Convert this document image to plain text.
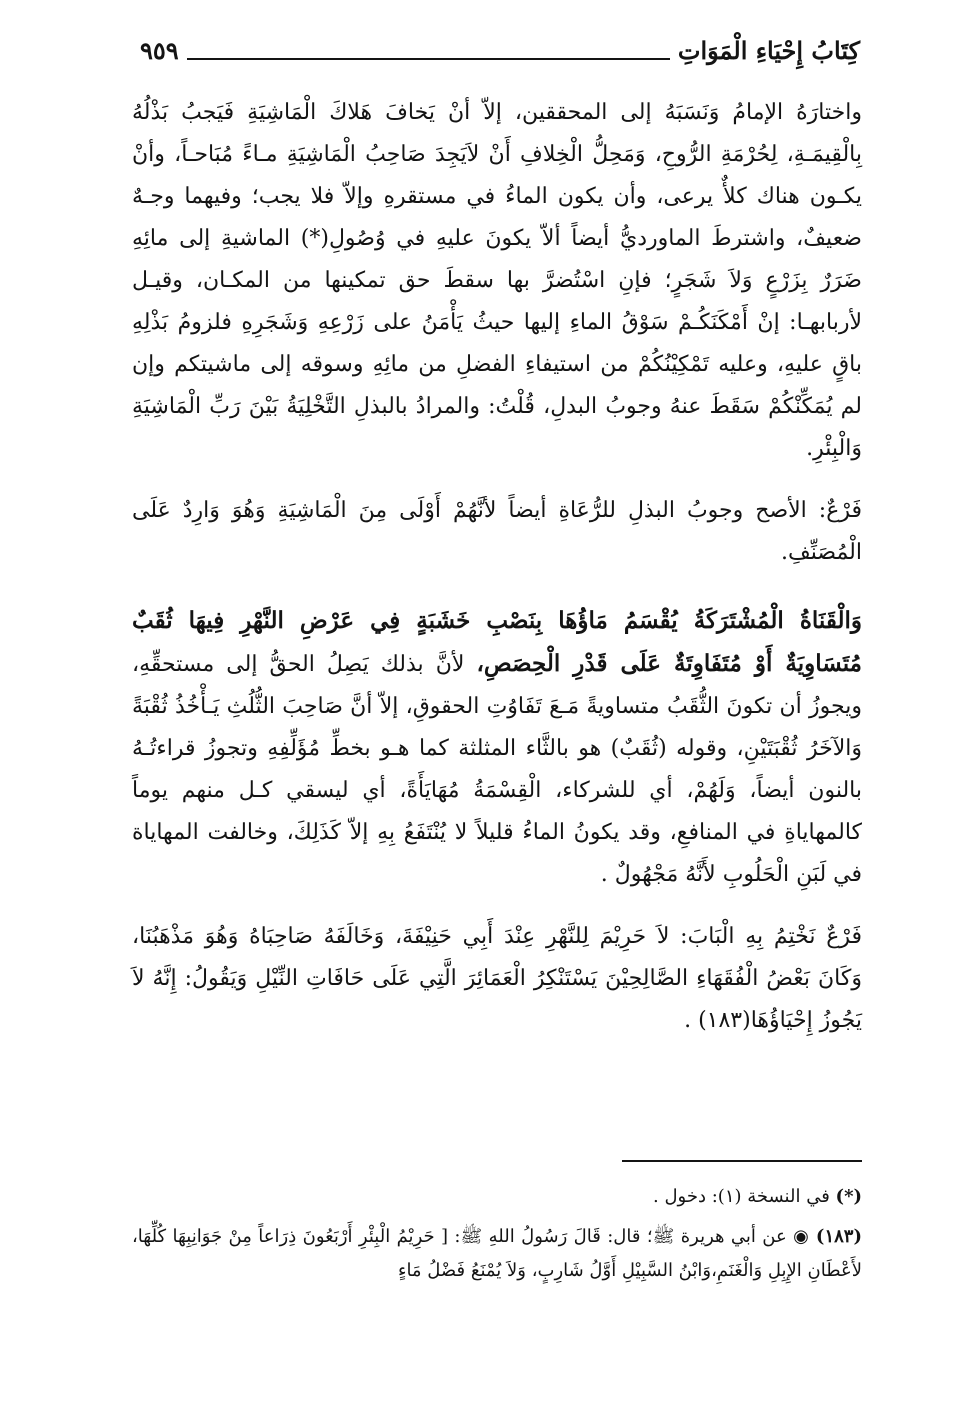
كِتَابُ إِحْيَاءِ الْمَوَاتِ
٩٥٩

واختارَهُ الإمامُ وَنَسَبَهُ إلى المحققين، إلاّ أنْ يَخافَ هَلاكَ الْمَاشِيَةِ فَيَجبُ بَذْلُهُ بِالْقِيمَـةِ، لِحُرْمَةِ الرُّوحِ، وَمَحِلُّ الْخِلافِ أَنْ لاَيَجِدَ صَاحِبُ الْمَاشِيَةِ مـاءً مُبَاحـاً، وأنْ يكـون هناك كلأٌ يرعى، وأن يكون الماءُ في مستقرهِ وإلاّ فلا يجب؛ وفيهما وجـهٌ ضعيفٌ، واشترطَ الماورديُّ أيضاً ألاّ يكونَ عليهِ في وُصُولِ(*) الماشيةِ إلى مائِهِ ضَرَرٌ بِزَرْعٍ وَلاَ شَجَرٍ؛ فإنِ اسْتُضرَّ بها سقطَ حق تمكينها من المكـان، وقيـل لأربابهـا: إنْ أَمْكَنَكُـمْ سَوْقُ الماءِ إليها حيثُ يَأْمَنُ على زَرْعِهِ وَشَجَرِهِ فلزومُ بَذْلِهِ باقٍ عليهِ، وعليه تَمْكِيْنُكُمْ من استيفاءِ الفضلِ من مائِهِ وسوقه إلى ماشيتكم وإن لم يُمَكِّنْكُمْ سَقَطَ عنهُ وجوبُ البدلِ، قُلْتُ: والمرادُ بالبذلِ التَّخْلِيَةُ بَيْنَ رَبِّ الْمَاشِيَةِ وَالْبِئْرِ.

فَرْعٌ: الأصح وجوبُ البذلِ للرُّعَاةِ أيضاً لأنَّهُمْ أَوْلَى مِنَ الْمَاشِيَةِ وَهُوَ وَارِدٌ عَلَى الْمُصَنِّفِ.

وَالْقَنَاةُ الْمُشْتَرَكَةُ يُقْسَمُ مَاؤُهَا بِنَصْبِ خَشَبَةٍ فِي عَرْضِ النَّهْرِ فِيهَا ثُقَبٌ مُتَسَاوِيَةٌ أَوْ مُتَفَاوِتَةٌ عَلَى قَدْرِ الْحِصَصِ، لأنَّ بذلك يَصِلُ الحقُّ إلى مستحقِّهِ، ويجوزُ أن تكونَ الثُّقَبُ متساويةً مَـعَ تَفَاوُتِ الحقوقِ، إلاّ أنَّ صَاحِبَ الثُّلُثِ يَـأْخُذُ ثُقْبَةً وَالآخَرُ ثُقْبَتَيْنِ، وقوله (ثُقَبٌ) هو بالثَّاء المثلثة كما هـو بخطِّ مُؤَلِّفِهِ وتجوزُ قراءتُـهُ بالنون أيضاً، وَلَهُمْ، أي للشركاء، الْقِسْمَةُ مُهَايَأَةً، أي ليسقي كـل منهم يوماً كالمهاياةِ في المنافعِ، وقد يكونُ الماءُ قليلاً لا يُنْتَفَعُ بِهِ إلاّ كَذَلِكَ، وخالفت المهاياة في لَبَنِ الْحَلُوبِ لأَنَّهُ مَجْهُولٌ .

فَرْعٌ نَخْتِمُ بِهِ الْبَابَ: لاَ حَرِيْمَ لِلنَّهْرِ عِنْدَ أَبِي حَنِيْفَةَ، وَخَالَفَهُ صَاحِبَاهُ وَهُوَ مَذْهَبُنَا، وَكَانَ بَعْضُ الْفُقَهَاءِ الصَّالِحِيْنَ يَسْتَنْكِرُ الْعَمَائِرَ الَّتِي عَلَى حَافَاتِ النِّيْلِ وَيَقُولُ: إِنَّهُ لاَ يَجُوزُ إِحْيَاؤُهَا(١٨٣) .

(*) في النسخة (١): دخول .

(١٨٣) ◉ عن أبي هريرة ﷺ؛ قال: قَالَ رَسُولُ اللهِ ﷺ: [ حَرِيْمُ الْبِئْرِ أَرْبَعُونَ ذِرَاعاً مِنْ جَوَانِبِهَا كُلِّهَا، لأَعْطَانِ الإِبِلِ وَالْغَنَمِ،وَابْنُ السَّبِيْلِ أَوَّلُ شَارِبٍ، وَلاَ يُمْنَعُ فَضْلُ مَاءٍ
